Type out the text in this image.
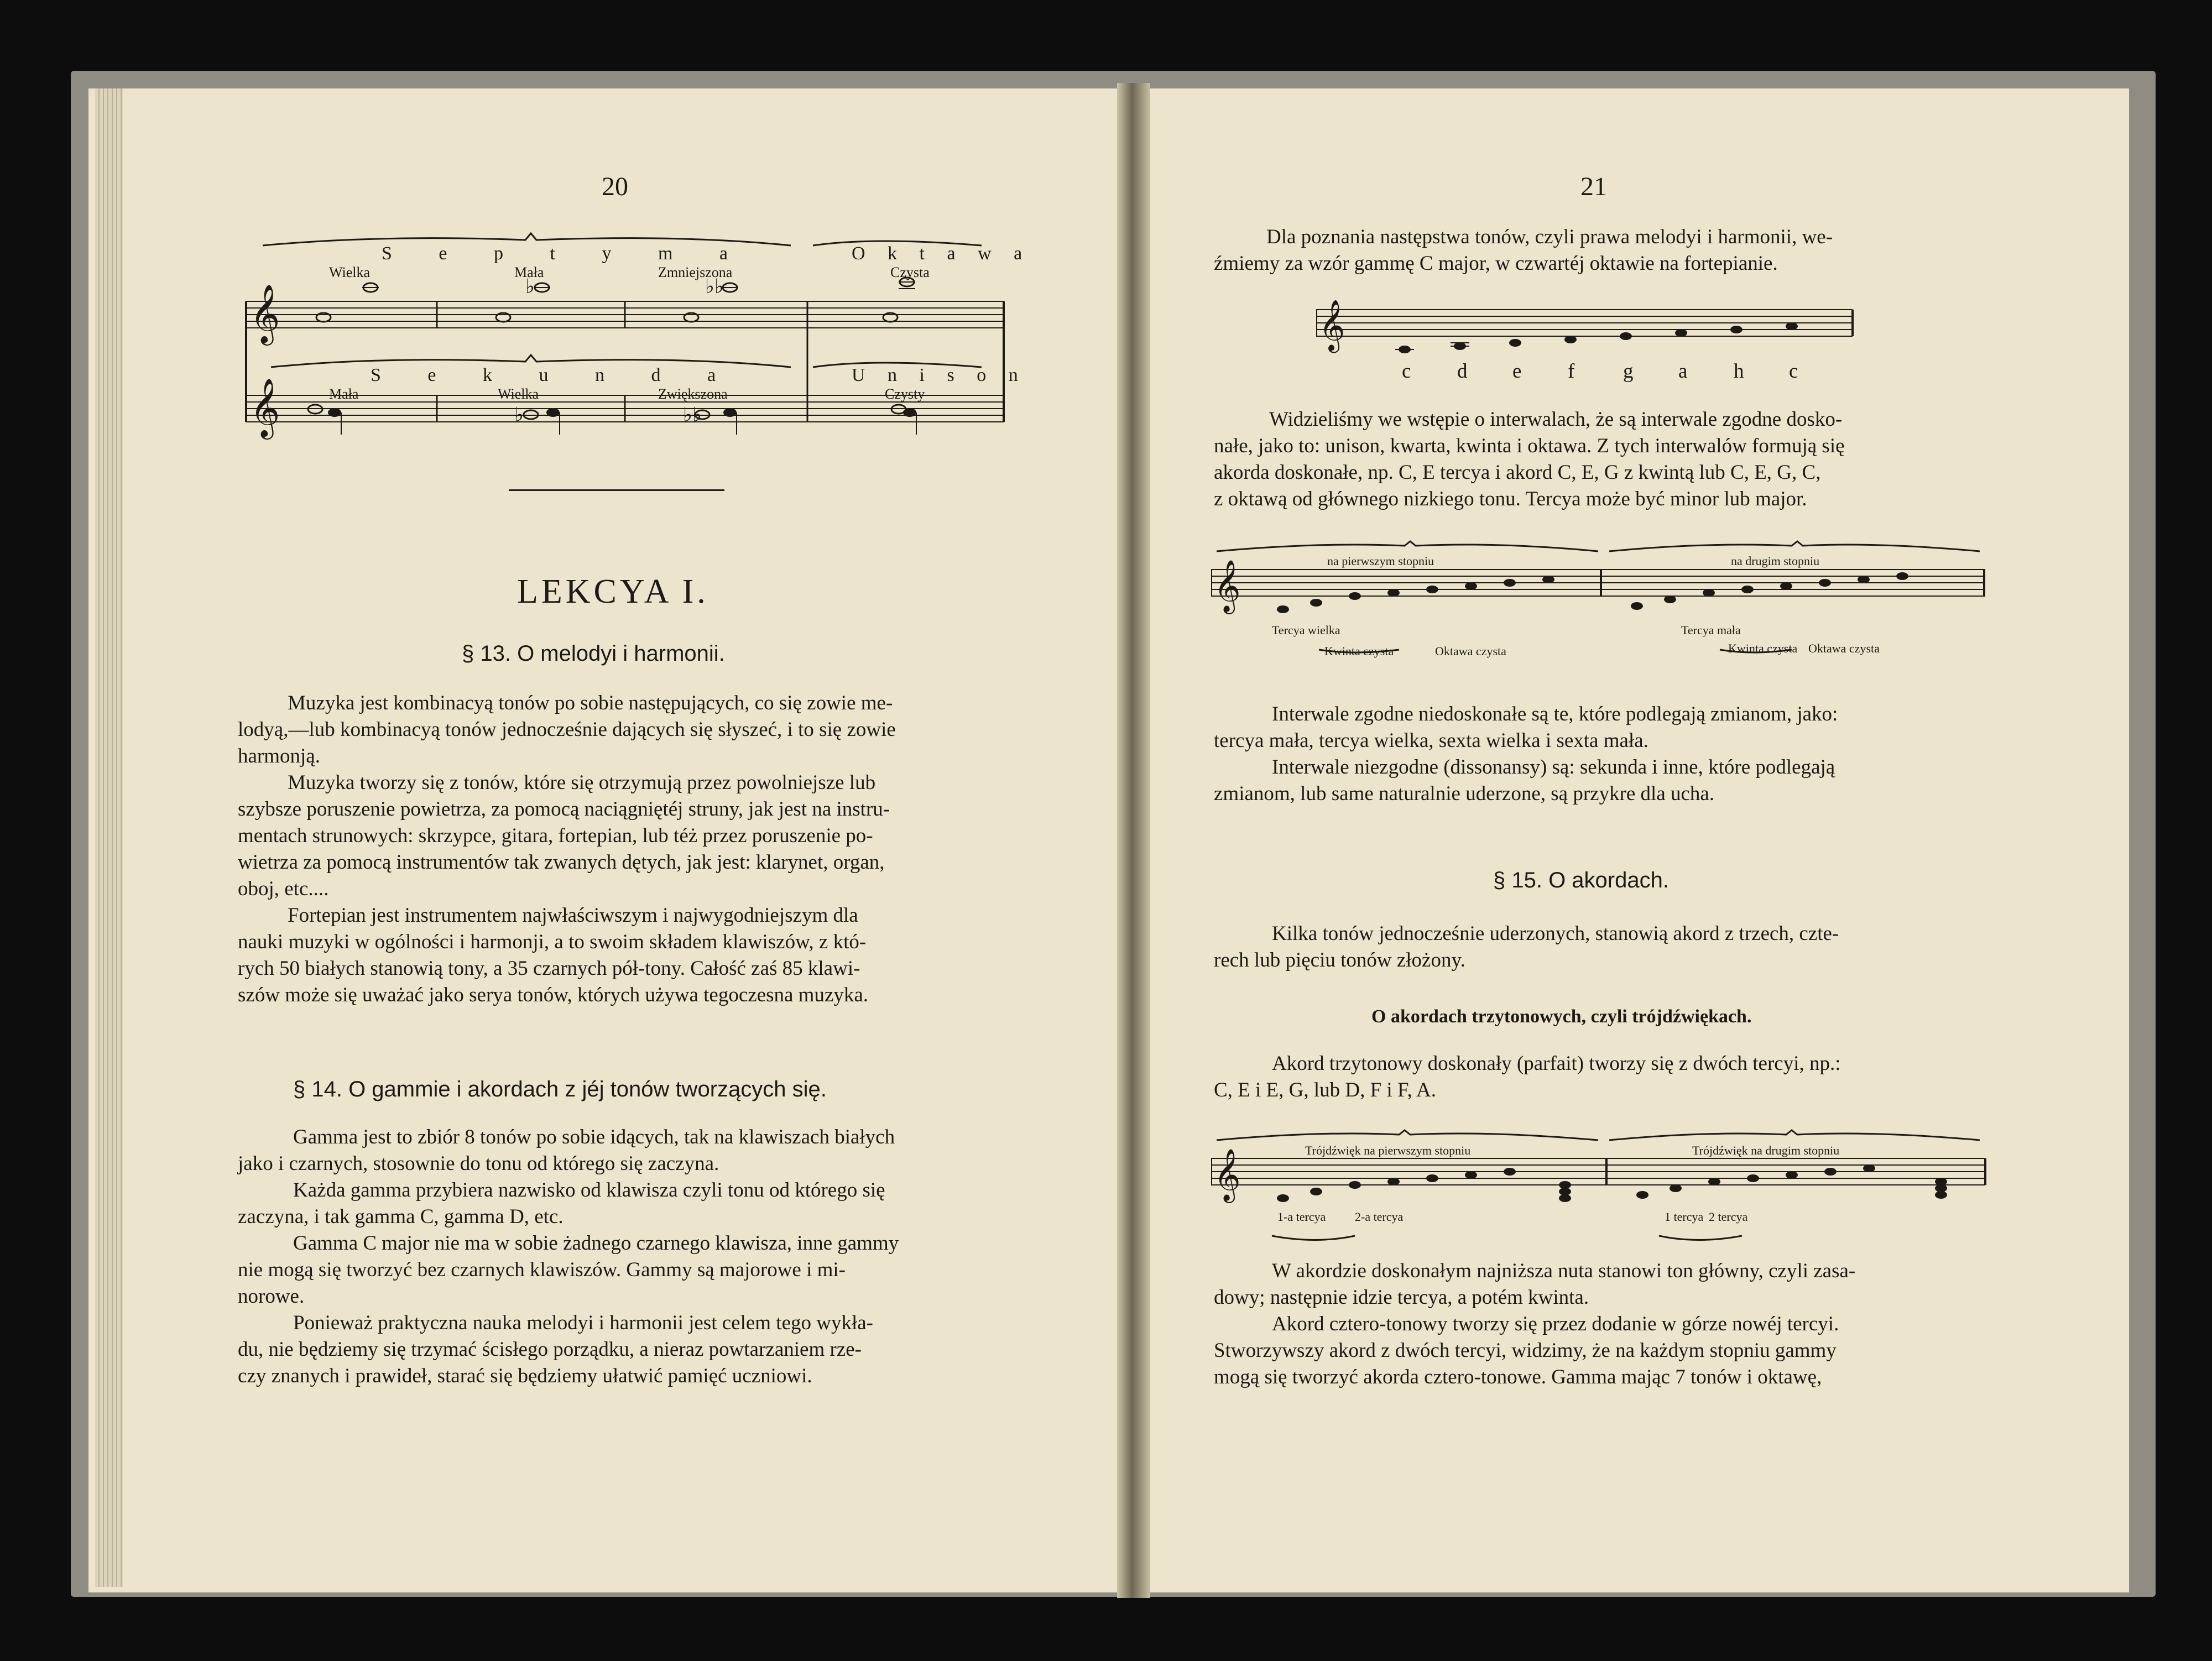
20
S e p t y m a	O k t a w a
Wielka	Mała	Zmniejszona	Czysta
S e k u n d a	U n i s o n
Mała	Wielka	Zwiększona	Czysty
𝄞
𝄞
♭	♭♭
♭	♭♭
LEKCYA I.
§ 13. O melodyi i harmonii.
Muzyka jest kombinacyą tonów po sobie następujących, co się zowie me-
lodyą,—lub kombinacyą tonów jednocześnie dających się słyszeć, i to się zowie
harmonją.
Muzyka tworzy się z tonów, które się otrzymują przez powolniejsze lub
szybsze poruszenie powietrza, za pomocą naciągniętéj struny, jak jest na instru-
mentach strunowych: skrzypce, gitara, fortepian, lub téż przez poruszenie po-
wietrza za pomocą instrumentów tak zwanych dętych, jak jest: klarynet, organ,
oboj, etc....
Fortepian jest instrumentem najwłaściwszym i najwygodniejszym dla
nauki muzyki w ogólności i harmonji, a to swoim składem klawiszów, z któ-
rych 50 białych stanowią tony, a 35 czarnych pół-tony. Całość zaś 85 klawi-
szów może się uważać jako serya tonów, których używa tegoczesna muzyka.
§ 14. O gammie i akordach z jéj tonów tworzących się.
Gamma jest to zbiór 8 tonów po sobie idących, tak na klawiszach białych
jako i czarnych, stosownie do tonu od którego się zaczyna.
Każda gamma przybiera nazwisko od klawisza czyli tonu od którego się
zaczyna, i tak gamma C, gamma D, etc.
Gamma C major nie ma w sobie żadnego czarnego klawisza, inne gammy
nie mogą się tworzyć bez czarnych klawiszów. Gammy są majorowe i mi-
norowe.
Ponieważ praktyczna nauka melodyi i harmonii jest celem tego wykła-
du, nie będziemy się trzymać ścisłego porządku, a nieraz powtarzaniem rze-
czy znanych i prawideł, starać się będziemy ułatwić pamięć uczniowi.
21
Dla poznania następstwa tonów, czyli prawa melodyi i harmonii, we-
źmiemy za wzór gammę C major, w czwartéj oktawie na fortepianie.
𝄞
c d e f g a h c
Widzieliśmy we wstępie o interwalach, że są interwale zgodne dosko-
nałe, jako to: unison, kwarta, kwinta i oktawa. Z tych interwalów formują się
akorda doskonałe, np. C, E tercya i akord C, E, G z kwintą lub C, E, G, C,
z oktawą od głównego nizkiego tonu. Tercya może być minor lub major.
na pierwszym stopniu	na drugim stopniu
𝄞
Tercya wielka
Kwinta czysta	Oktawa czysta
Tercya mała
Kwinta czysta Oktawa czysta
Interwale zgodne niedoskonałe są te, które podlegają zmianom, jako:
tercya mała, tercya wielka, sexta wielka i sexta mała.
Interwale niezgodne (dissonansy) są: sekunda i inne, które podlegają
zmianom, lub same naturalnie uderzone, są przykre dla ucha.
§ 15. O akordach.
Kilka tonów jednocześnie uderzonych, stanowią akord z trzech, czte-
rech lub pięciu tonów złożony.
O akordach trzytonowych, czyli trójdźwiękach.
Akord trzytonowy doskonały (parfait) tworzy się z dwóch tercyi, np.:
C, E i E, G, lub D, F i F, A.
Trójdźwięk na pierwszym stopniu	Trójdźwięk na drugim stopniu
𝄞
1-a tercya 2-a tercya	1 tercya 2 tercya
W akordzie doskonałym najniższa nuta stanowi ton główny, czyli zasa-
dowy; następnie idzie tercya, a potém kwinta.
Akord cztero-tonowy tworzy się przez dodanie w górze nowéj tercyi.
Stworzywszy akord z dwóch tercyi, widzimy, że na każdym stopniu gammy
mogą się tworzyć akorda cztero-tonowe. Gamma mając 7 tonów i oktawę,
